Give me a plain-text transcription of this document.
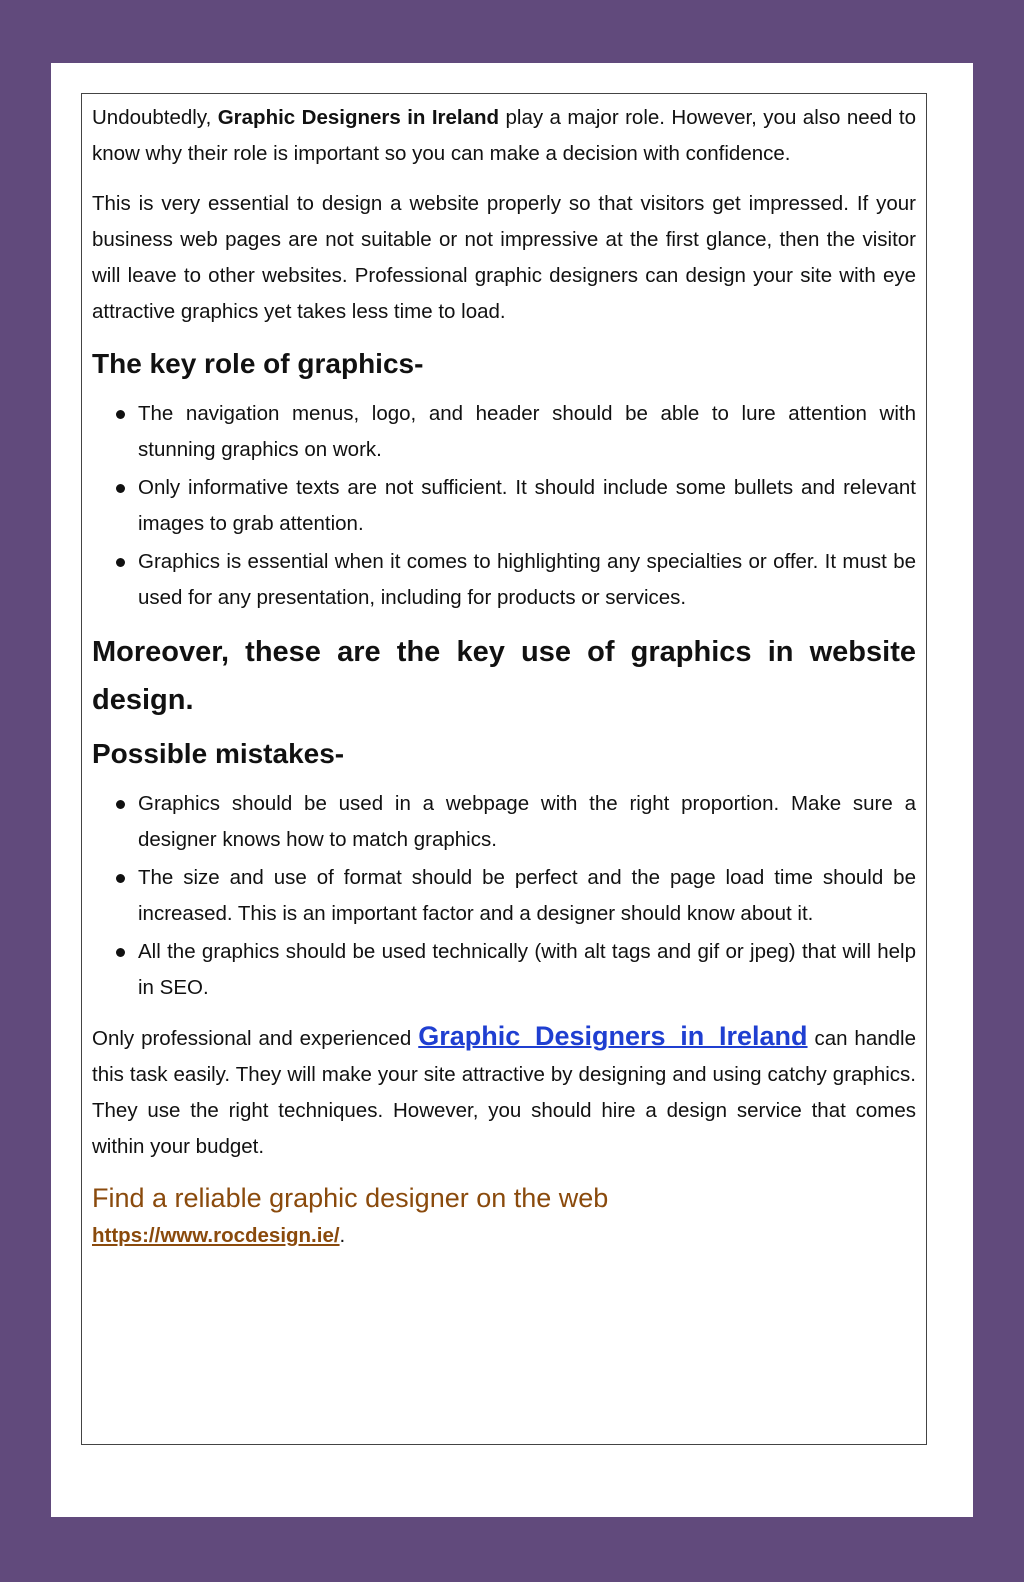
Undoubtedly, Graphic Designers in Ireland play a major role. However, you also need to know why their role is important so you can make a decision with confidence.

This is very essential to design a website properly so that visitors get impressed. If your business web pages are not suitable or not impressive at the first glance, then the visitor will leave to other websites. Professional graphic designers can design your site with eye attractive graphics yet takes less time to load.

The key role of graphics-
The navigation menus, logo, and header should be able to lure attention with stunning graphics on work.
Only informative texts are not sufficient. It should include some bullets and relevant images to grab attention.
Graphics is essential when it comes to highlighting any specialties or offer. It must be used for any presentation, including for products or services.
Moreover, these are the key use of graphics in website design.
Possible mistakes-
Graphics should be used in a webpage with the right proportion. Make sure a designer knows how to match graphics.
The size and use of format should be perfect and the page load time should be increased. This is an important factor and a designer should know about it.
All the graphics should be used technically (with alt tags and gif or jpeg) that will help in SEO.

Only professional and experienced Graphic Designers in Ireland can handle this task easily. They will make your site attractive by designing and using catchy graphics. They use the right techniques. However, you should hire a design service that comes within your budget.

Find a reliable graphic designer on the web
https://www.rocdesign.ie/.
